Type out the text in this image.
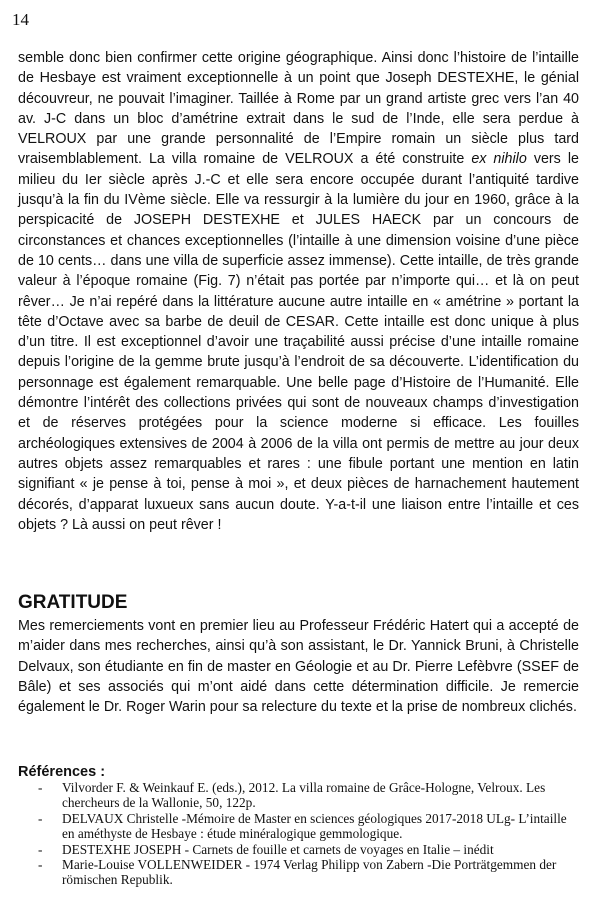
14

semble donc bien confirmer cette origine géographique. Ainsi donc l’histoire de l’intaille de Hesbaye est vraiment exceptionnelle à un point que Joseph DESTEXHE, le génial découvreur, ne pouvait l’imaginer. Taillée à Rome par un grand artiste grec vers l’an 40 av. J-C dans un bloc d’amétrine extrait dans le sud de l’Inde, elle sera perdue à VELROUX par une grande personnalité de l’Empire romain un siècle plus tard vraisemblablement. La villa romaine de VELROUX a été construite ex nihilo vers le milieu du Ier siècle après J.-C et elle sera encore occupée durant l’antiquité tardive jusqu’à la fin du IVème siècle. Elle va ressurgir à la lumière du jour en 1960, grâce à la perspicacité de JOSEPH DESTEXHE et JULES HAECK par un concours de circonstances et chances exceptionnelles (l’intaille à une dimension voisine d’une pièce de 10 cents… dans une villa de superficie assez immense). Cette intaille, de très grande valeur à l’époque romaine (Fig. 7) n’était pas portée par n’importe qui… et là on peut rêver… Je n’ai repéré dans la littérature aucune autre intaille en « amétrine » portant la tête d’Octave avec sa barbe de deuil de CESAR. Cette intaille est donc unique à plus d’un titre. Il est exceptionnel d’avoir une traçabilité aussi précise d’une intaille romaine depuis l’origine de la gemme brute jusqu’à l’endroit de sa découverte. L’identification du personnage est également remarquable. Une belle page d’Histoire de l’Humanité. Elle démontre l’intérêt des collections privées qui sont de nouveaux champs d’investigation et de réserves protégées pour la science moderne si efficace. Les fouilles archéologiques extensives de 2004 à 2006 de la villa ont permis de mettre au jour deux autres objets assez remarquables et rares : une fibule portant une mention en latin signifiant « je pense à toi, pense à moi », et deux pièces de harnachement hautement décorés, d’apparat luxueux sans aucun doute. Y-a-t-il une liaison entre l’intaille et ces objets ? Là aussi on peut rêver !

GRATITUDE

Mes remerciements vont en premier lieu au Professeur Frédéric Hatert qui a accepté de m’aider dans mes recherches, ainsi qu’à son assistant, le Dr. Yannick Bruni, à Christelle Delvaux, son étudiante en fin de master en Géologie et au Dr. Pierre Lefèbvre (SSEF de Bâle) et ses associés qui m’ont aidé dans cette détermination difficile. Je remercie également le Dr. Roger Warin pour sa relecture du texte et la prise de nombreux clichés.

Références :
- Vilvorder F. & Weinkauf E. (eds.), 2012. La villa romaine de Grâce-Hologne, Velroux. Les chercheurs de la Wallonie, 50, 122p.
- DELVAUX Christelle -Mémoire de Master en sciences géologiques 2017-2018 ULg- L’intaille en améthyste de Hesbaye : étude minéralogique gemmologique.
- DESTEXHE JOSEPH - Carnets de fouille et carnets de voyages en Italie – inédit
- Marie-Louise VOLLENWEIDER - 1974 Verlag Philipp von Zabern -Die Porträtgemmen der römischen Republik.
